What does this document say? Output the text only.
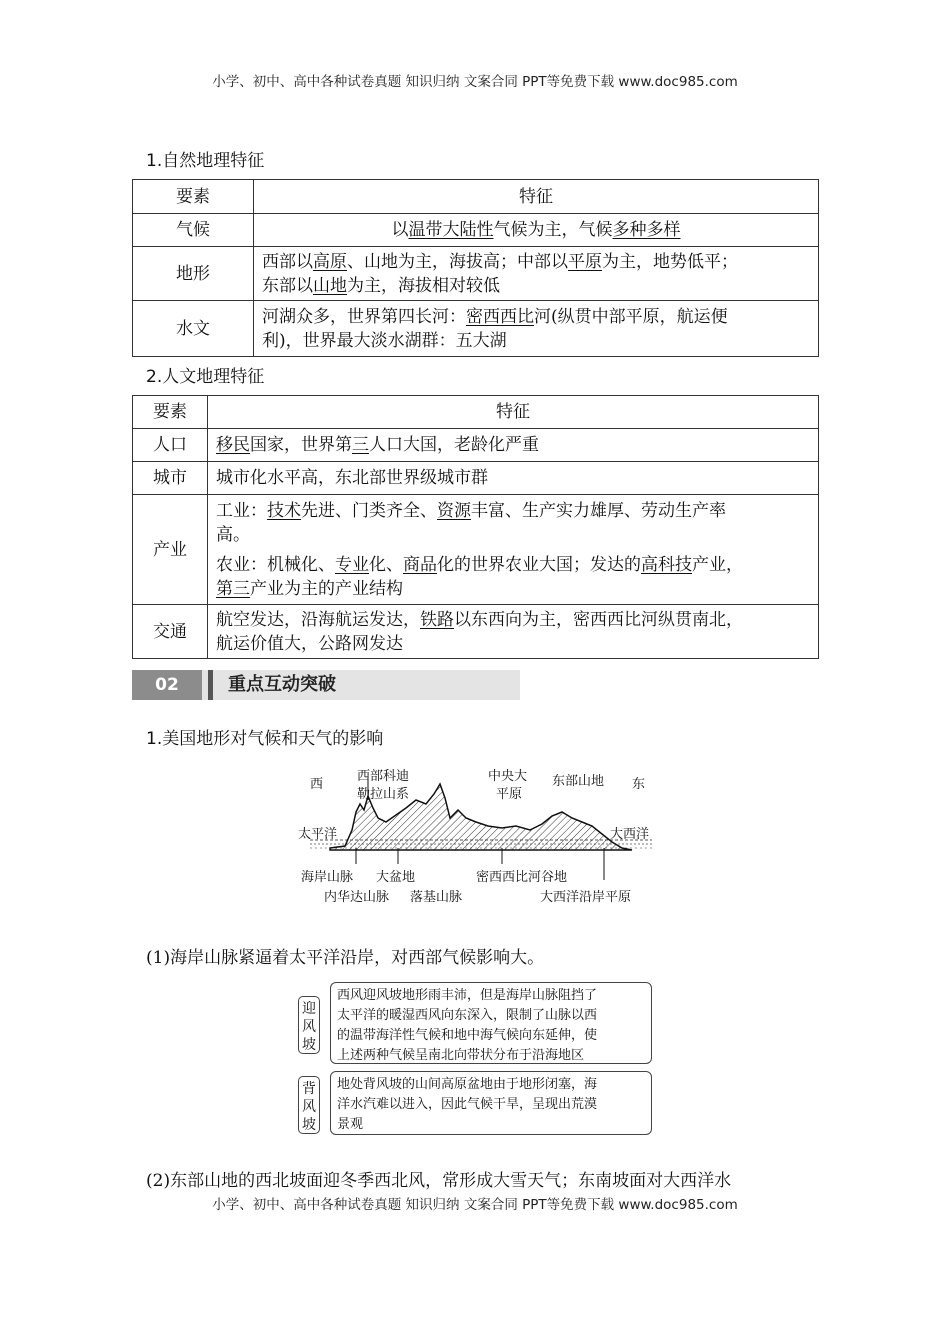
小学、初中、高中各种试卷真题 知识归纳 文案合同 PPT等免费下载 www.doc985.com
1.自然地理特征
要素	特征
气候	以温带大陆性气候为主，气候多种多样
地形	西部以高原、山地为主，海拔高；中部以平原为主，地势低平；
东部以山地为主，海拔相对较低

水文	河湖众多，世界第四长河：密西西比河(纵贯中部平原，航运便
利)，世界最大淡水湖群：五大湖
2.人文地理特征
要素	特征
人口	移民国家，世界第三人口大国，老龄化严重
城市	城市化水平高，东北部世界级城市群
产业	工业：技术先进、门类齐全、资源丰富、生产实力雄厚、劳动生产率
高。
农业：机械化、专业化、商品化的世界农业大国；发达的高科技产业，
第三产业为主的产业结构

交通	航空发达，沿海航运发达，铁路以东西向为主，密西西比河纵贯南北，
航运价值大，公路网发达
02	重点互动突破
1.美国地形对气候和天气的影响
西
西部科迪
勒拉山系
中央大
平原
东部山地 东
太平洋	大西洋
海岸山脉 大盆地	密西西比河谷地
内华达山脉 落基山脉	大西洋沿岸平原
(1)海岸山脉紧逼着太平洋沿岸，对西部气候影响大。
迎风坡
西风迎风坡地形雨丰沛，但是海岸山脉阻挡了
太平洋的暖湿西风向东深入，限制了山脉以西
的温带海洋性气候和地中海气候向东延伸，使
上述两种气候呈南北向带状分布于沿海地区
背风坡
地处背风坡的山间高原盆地由于地形闭塞，海
洋水汽难以进入，因此气候干旱，呈现出荒漠
景观
(2)东部山地的西北坡面迎冬季西北风，常形成大雪天气；东南坡面对大西洋水
小学、初中、高中各种试卷真题 知识归纳 文案合同 PPT等免费下载 www.doc985.com
